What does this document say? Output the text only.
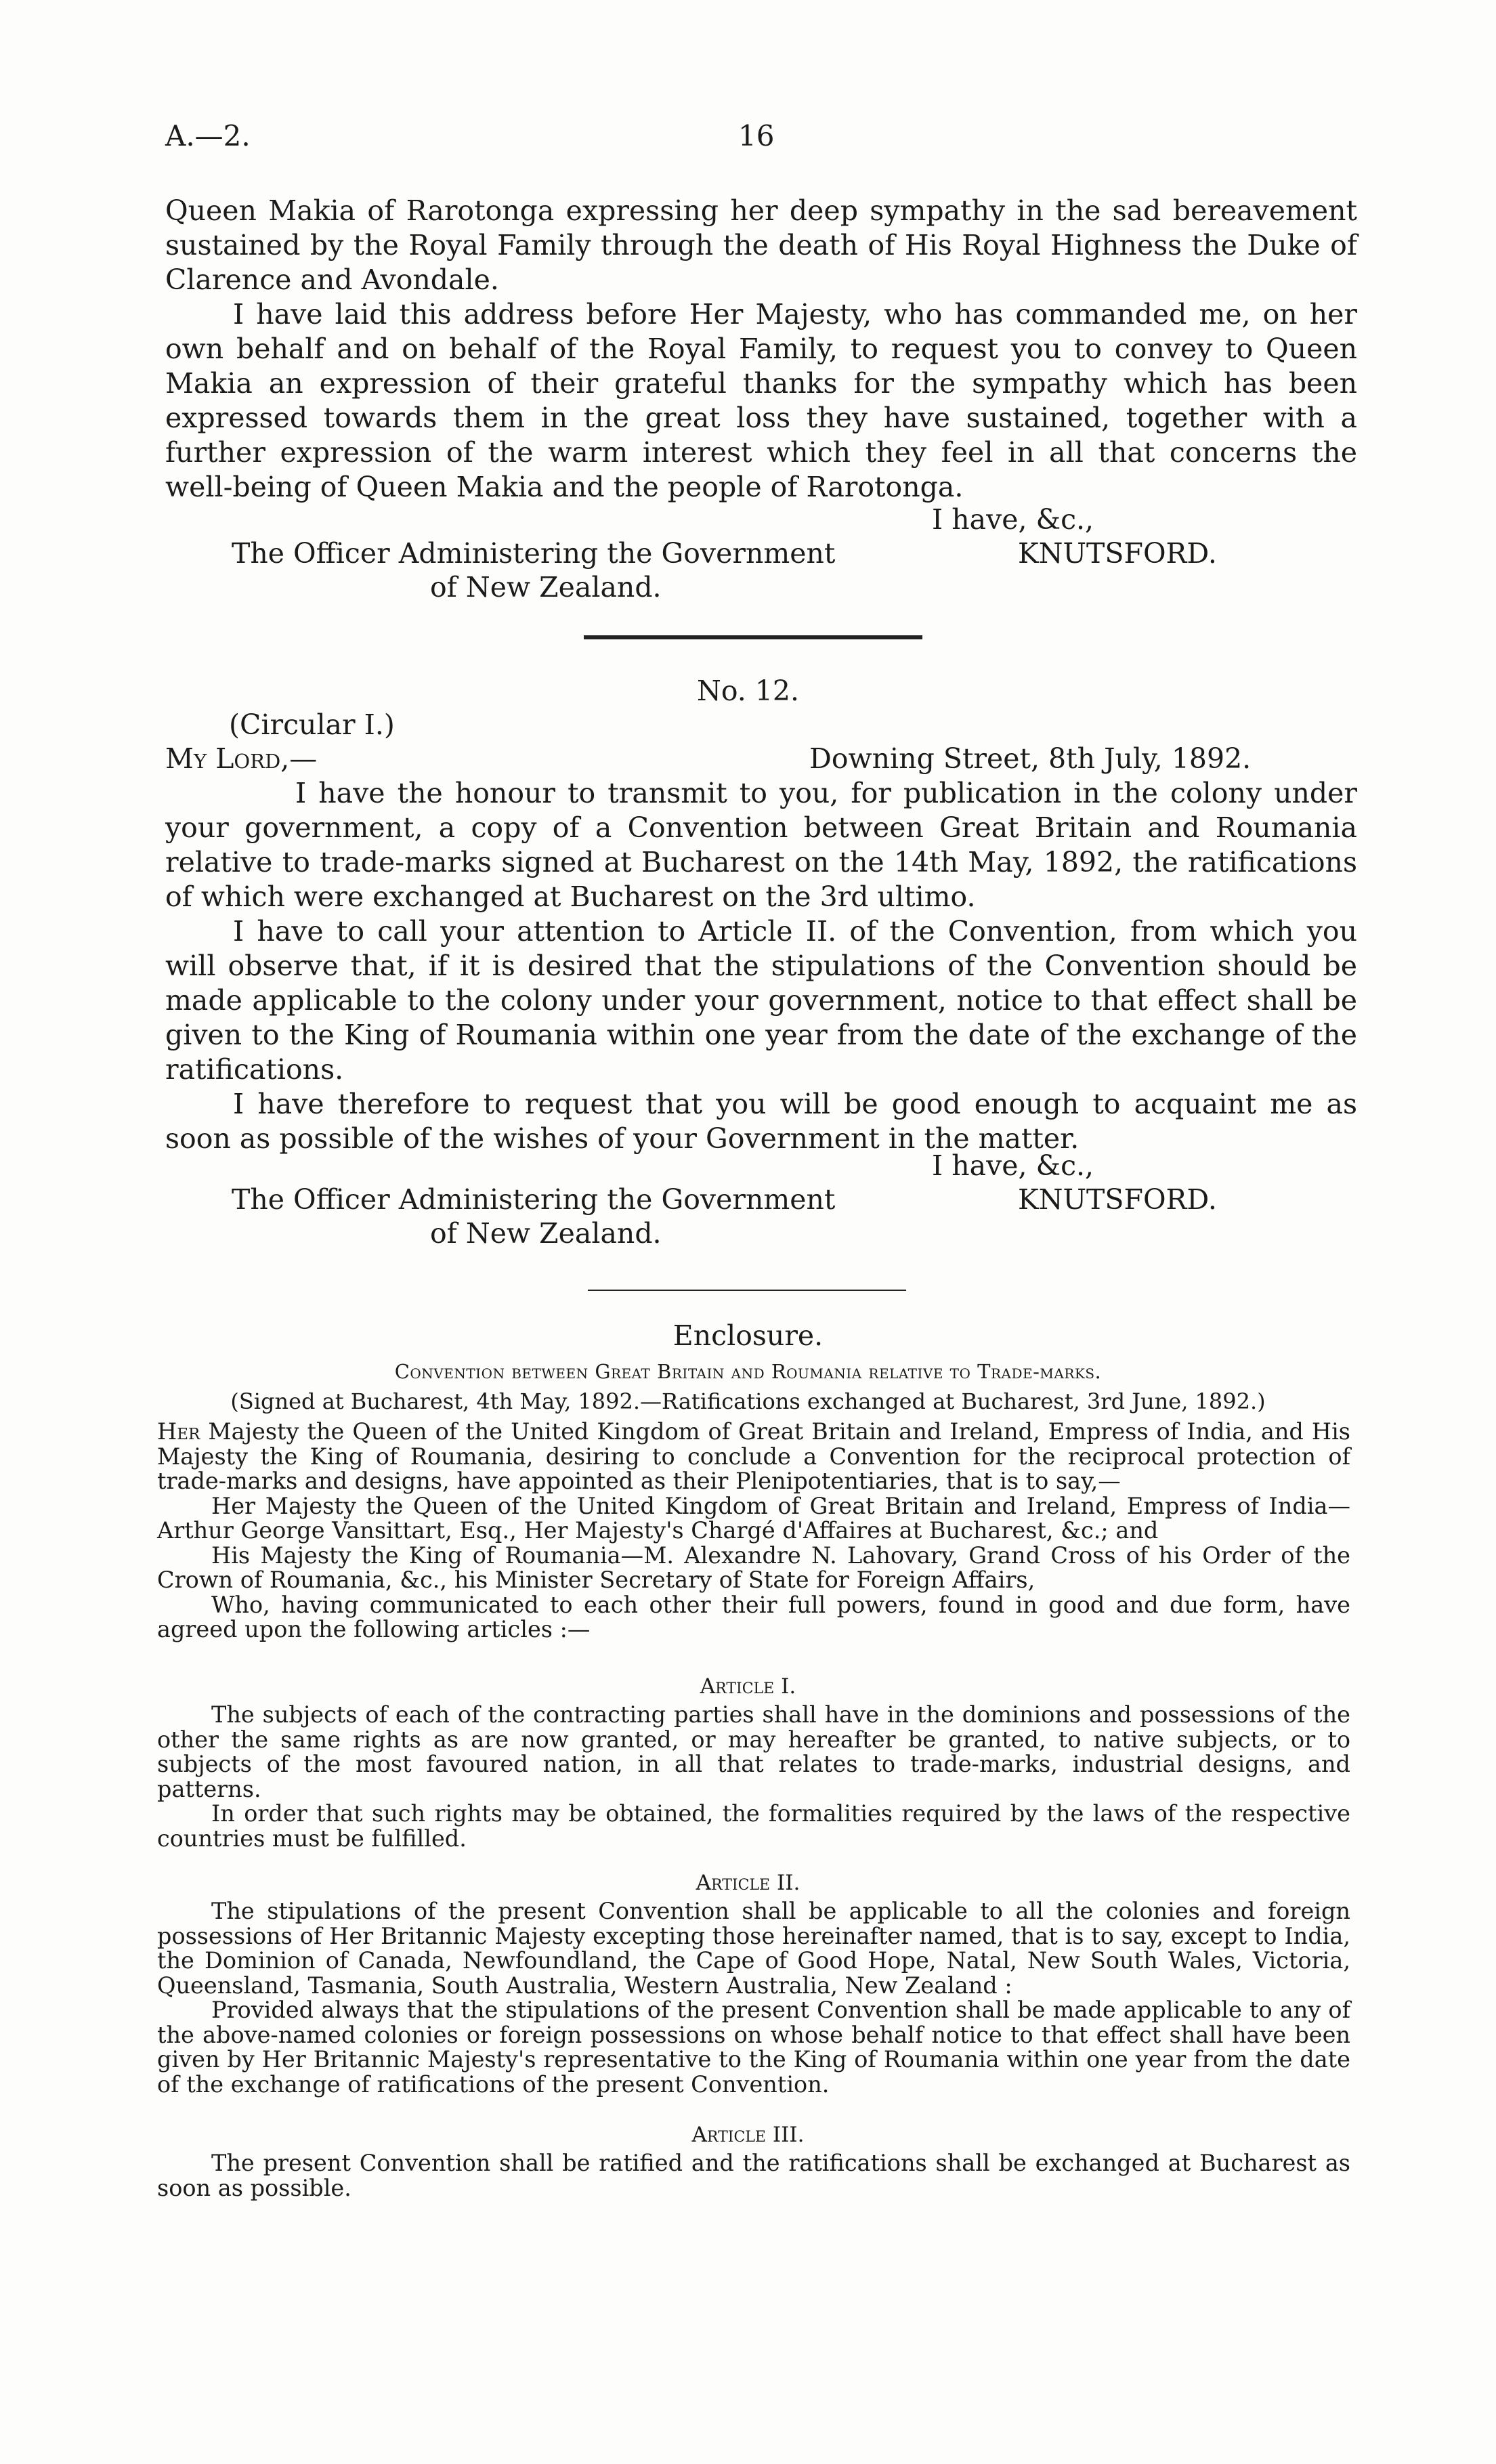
A.—2.	16

Queen Makia of Rarotonga expressing her deep sympathy in the sad bereavement sustained by the Royal Family through the death of His Royal Highness the Duke of Clarence and Avondale.

I have laid this address before Her Majesty, who has commanded me, on her own behalf and on behalf of the Royal Family, to request you to convey to Queen Makia an expression of their grateful thanks for the sympathy which has been expressed towards them in the great loss they have sustained, together with a further expression of the warm interest which they feel in all that concerns the well-being of Queen Makia and the people of Rarotonga.

I have, &c.,
The Officer Administering the Government	KNUTSFORD.
of New Zealand.
No. 12.
(Circular I.)
My Lord,—	Downing Street, 8th July, 1892.

I have the honour to transmit to you, for publication in the colony under your government, a copy of a Convention between Great Britain and Roumania relative to trade-marks signed at Bucharest on the 14th May, 1892, the ratifications of which were exchanged at Bucharest on the 3rd ultimo.

I have to call your attention to Article II. of the Convention, from which you will observe that, if it is desired that the stipulations of the Convention should be made applicable to the colony under your government, notice to that effect shall be given to the King of Roumania within one year from the date of the exchange of the ratifications.

I have therefore to request that you will be good enough to acquaint me as soon as possible of the wishes of your Government in the matter.

I have, &c.,
The Officer Administering the Government	KNUTSFORD.
of New Zealand.
Enclosure.
Convention between Great Britain and Roumania relative to Trade-marks.
(Signed at Bucharest, 4th May, 1892.—Ratifications exchanged at Bucharest, 3rd June, 1892.)

Her Majesty the Queen of the United Kingdom of Great Britain and Ireland, Empress of India, and His Majesty the King of Roumania, desiring to conclude a Convention for the reciprocal protection of trade-marks and designs, have appointed as their Plenipotentiaries, that is to say,—

Her Majesty the Queen of the United Kingdom of Great Britain and Ireland, Empress of India—Arthur George Vansittart, Esq., Her Majesty's Chargé d'Affaires at Bucharest, &c.; and

His Majesty the King of Roumania—M. Alexandre N. Lahovary, Grand Cross of his Order of the Crown of Roumania, &c., his Minister Secretary of State for Foreign Affairs,

Who, having communicated to each other their full powers, found in good and due form, have agreed upon the following articles :—

Article I.

The subjects of each of the contracting parties shall have in the dominions and possessions of the other the same rights as are now granted, or may hereafter be granted, to native subjects, or to subjects of the most favoured nation, in all that relates to trade-marks, industrial designs, and patterns.

In order that such rights may be obtained, the formalities required by the laws of the respective countries must be fulfilled.

Article II.

The stipulations of the present Convention shall be applicable to all the colonies and foreign possessions of Her Britannic Majesty excepting those hereinafter named, that is to say, except to India, the Dominion of Canada, Newfoundland, the Cape of Good Hope, Natal, New South Wales, Victoria, Queensland, Tasmania, South Australia, Western Australia, New Zealand :

Provided always that the stipulations of the present Convention shall be made applicable to any of the above-named colonies or foreign possessions on whose behalf notice to that effect shall have been given by Her Britannic Majesty's representative to the King of Roumania within one year from the date of the exchange of ratifications of the present Convention.

Article III.

The present Convention shall be ratified and the ratifications shall be exchanged at Bucharest as soon as possible.
